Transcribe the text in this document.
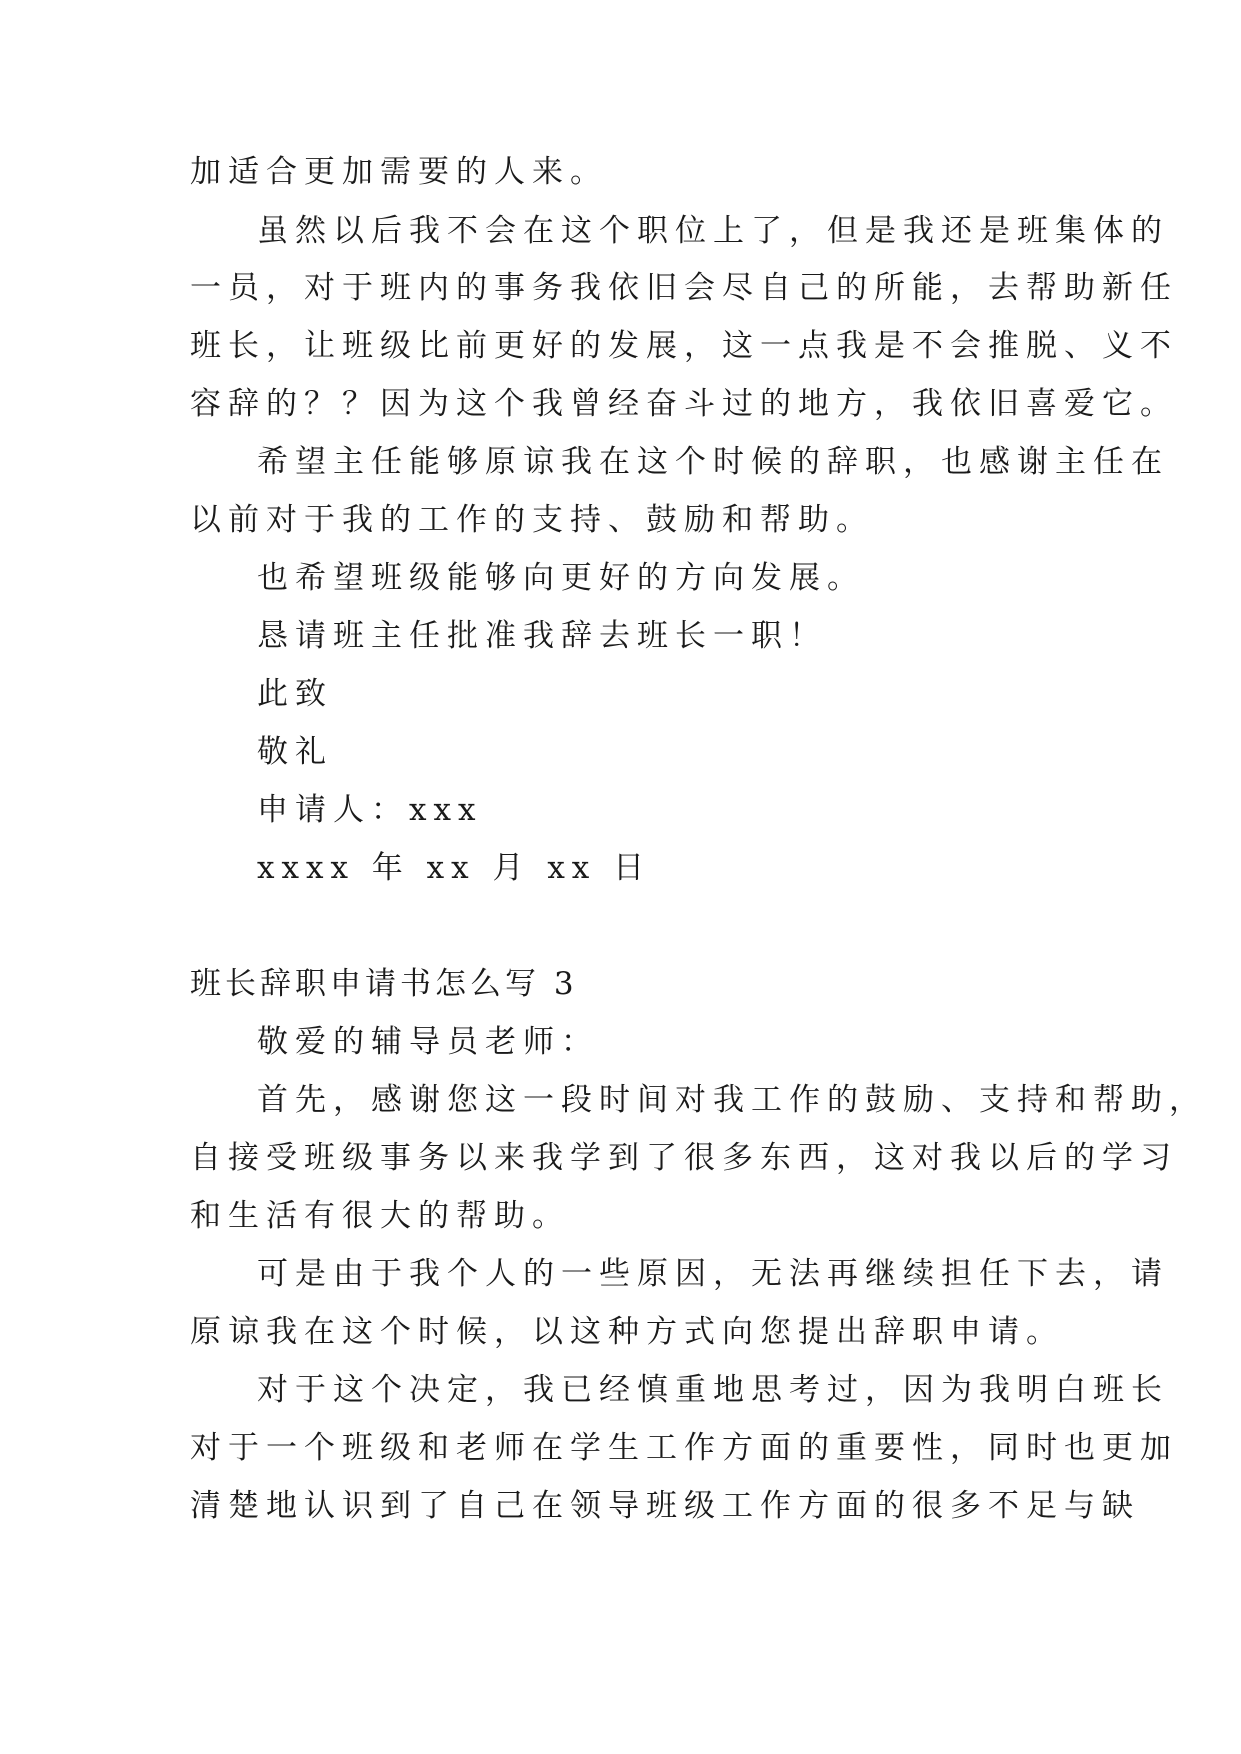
加适合更加需要的人来。
虽然以后我不会在这个职位上了，但是我还是班集体的
一员，对于班内的事务我依旧会尽自己的所能，去帮助新任
班长，让班级比前更好的发展，这一点我是不会推脱、义不
容辞的？？因为这个我曾经奋斗过的地方，我依旧喜爱它。
希望主任能够原谅我在这个时候的辞职，也感谢主任在
以前对于我的工作的支持、鼓励和帮助。
也希望班级能够向更好的方向发展。
恳请班主任批准我辞去班长一职！
此致
敬礼
申请人：xxx
xxxx 年 xx 月 xx 日
班长辞职申请书怎么写 3
敬爱的辅导员老师：
首先，感谢您这一段时间对我工作的鼓励、支持和帮助，
自接受班级事务以来我学到了很多东西，这对我以后的学习
和生活有很大的帮助。
可是由于我个人的一些原因，无法再继续担任下去，请
原谅我在这个时候，以这种方式向您提出辞职申请。
对于这个决定，我已经慎重地思考过，因为我明白班长
对于一个班级和老师在学生工作方面的重要性，同时也更加
清楚地认识到了自己在领导班级工作方面的很多不足与缺
